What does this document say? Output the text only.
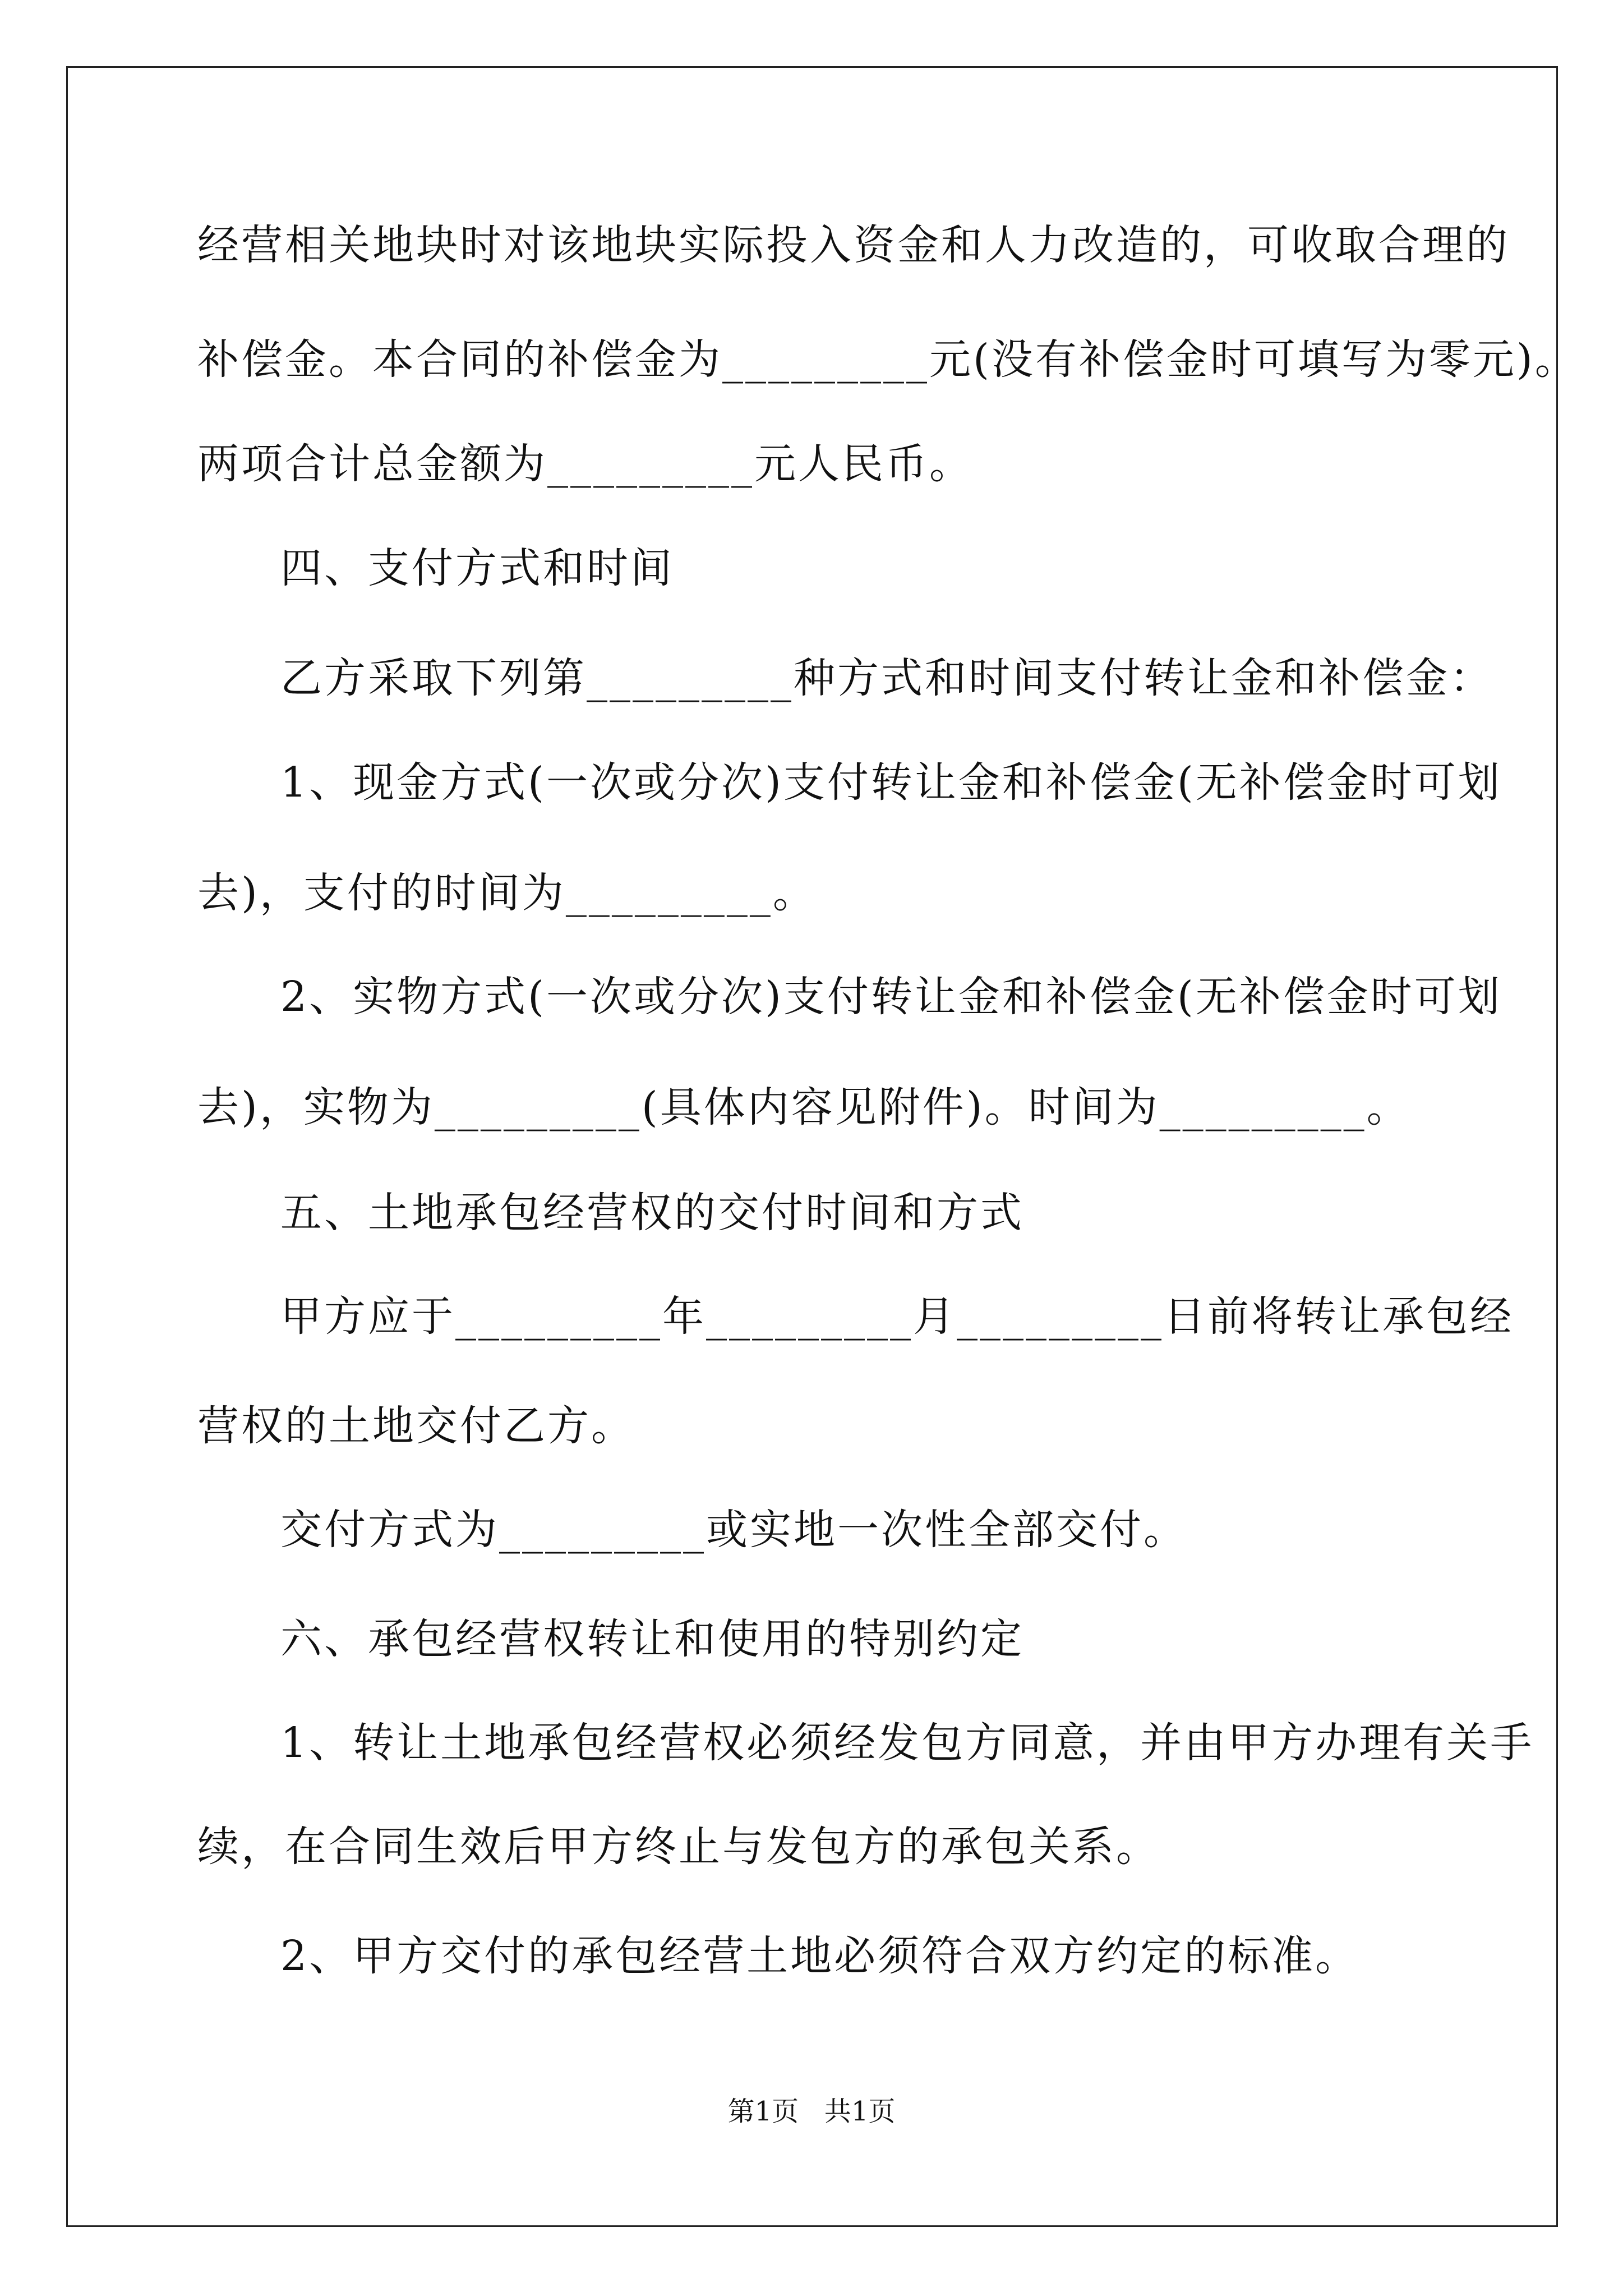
经营相关地块时对该地块实际投入资金和人力改造的，可收取合理的
补偿金。本合同的补偿金为_________元(没有补偿金时可填写为零元)。
两项合计总金额为_________元人民币。
四、支付方式和时间
乙方采取下列第_________种方式和时间支付转让金和补偿金：
1、现金方式(一次或分次)支付转让金和补偿金(无补偿金时可划
去)，支付的时间为_________。
2、实物方式(一次或分次)支付转让金和补偿金(无补偿金时可划
去)，实物为_________(具体内容见附件)。时间为_________。
五、土地承包经营权的交付时间和方式
甲方应于_________年_________月_________日前将转让承包经
营权的土地交付乙方。
交付方式为_________或实地一次性全部交付。
六、承包经营权转让和使用的特别约定
1、转让土地承包经营权必须经发包方同意，并由甲方办理有关手
续，在合同生效后甲方终止与发包方的承包关系。
2、甲方交付的承包经营土地必须符合双方约定的标准。
第1页   共1页
